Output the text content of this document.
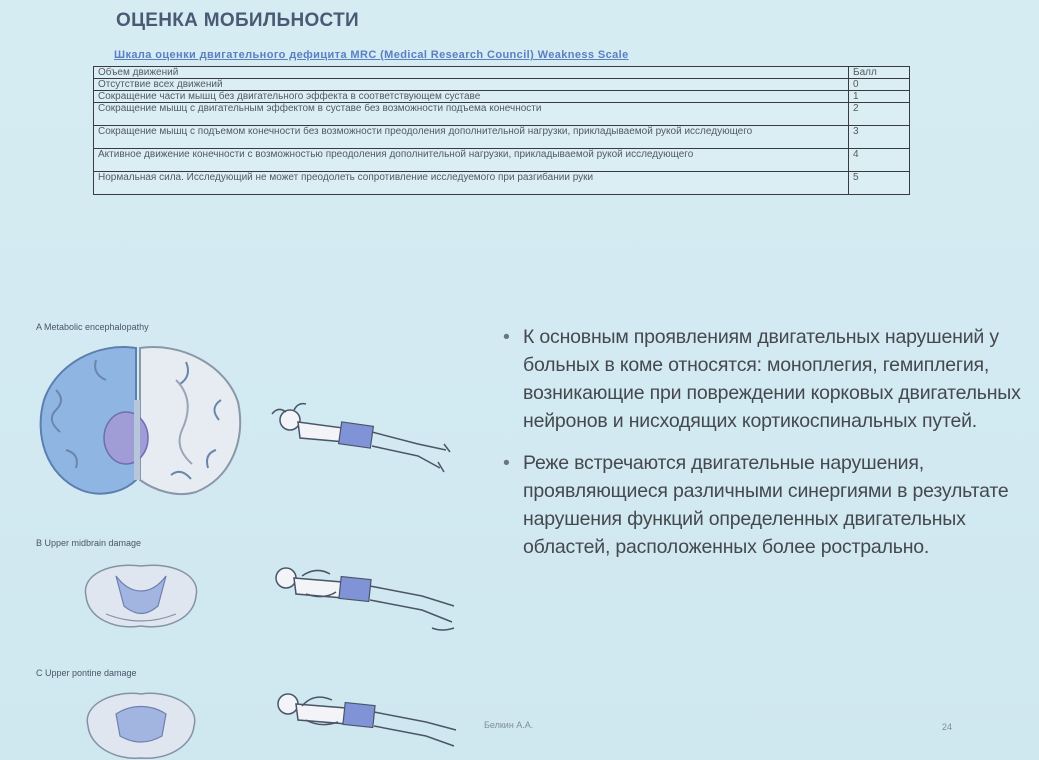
ОЦЕНКА МОБИЛЬНОСТИ
Шкала оценки двигательного дефицита MRC (Medical Research Council) Weakness Scale
Объем движений	Балл
Отсутствие всех движений	0
Сокращение части мышц без двигательного эффекта в соответствующем суставе	1
Сокращение мышц с двигательным эффектом в суставе без возможности подъема конечности	2
Сокращение мышц с подъемом конечности без возможности преодоления дополнительной нагрузки, прикладываемой рукой исследующего	3
Активное движение конечности с возможностью преодоления дополнительной нагрузки, прикладываемой рукой исследующего	4
Нормальная сила. Исследующий не может преодолеть сопротивление исследуемого при разгибании руки	5
A Metabolic encephalopathy
B Upper midbrain damage
C Upper pontine damage
• К основным проявлениям двигательных нарушений у больных в коме относятся: моноплегия, гемиплегия, возникающие при повреждении корковых двигательных нейронов и нисходящих кортикоспинальных путей.
• Реже встречаются двигательные нарушения, проявляющиеся различными синергиями в результате нарушения функций определенных двигательных областей, расположенных более рострально.
Белкин А.А.	24
